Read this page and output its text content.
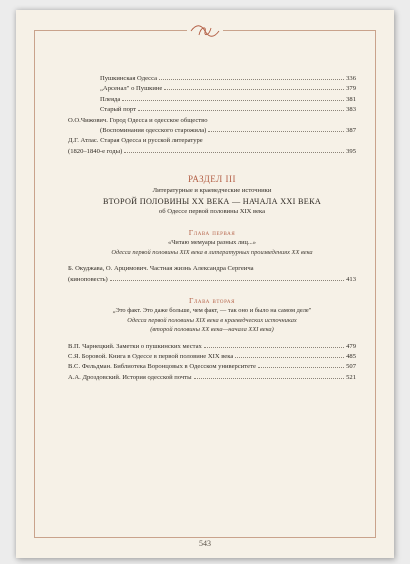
Пушкинская Одесса	336
„Арсенал" о Пушкине	379
Плеяда	381
Старый порт	383
О.О.Чижович. Город Одесса и одесское общество
(Воспоминания одесского старожила)	387
Д.Г. Атлас. Старая Одесса и русской литературе
(1820–1840-е годы)	395
РАЗДЕЛ III
Литературные и краеведческие источники
ВТОРОЙ ПОЛОВИНЫ XX ВЕКА — НАЧАЛА XXI ВЕКА
об Одессе первой половины XIX века
Глава первая
«Читаю мемуары разных лиц...»
Одесса первой половины XIX века в литературных произведениях XX века
Б. Окуджава, О. Арцимович. Частная жизнь Александра Сергеича
(киноповесть)	413
Глава вторая
„Это факт. Это даже больше, чем факт, — так оно и было на самом деле"
Одесса первой половины XIX века в краеведческих источниках
(второй половины XX века—начала XXI века)
В.П. Чарнецкий. Заметки о пушкинских местах	479
С.Я. Боровой. Книга в Одессе в первой половине XIX века	485
В.С. Фельдман. Библиотека Воронцовых в Одесском университете	507
А.А. Дроздовский. История одесской почты	521
543
